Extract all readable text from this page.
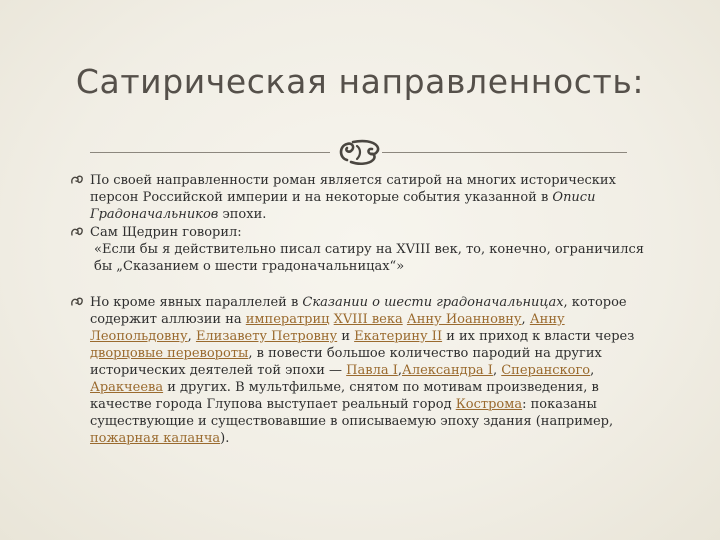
Сатирическая направленность:

По своей направленности роман является сатирой на многих исторических персон Российской империи и на некоторые события указанной в Описи Градоначальников эпохи.

Сам Щедрин говорил:

«Если бы я действительно писал сатиру на XVIII век, то, конечно, ограничился бы „Сказанием о шести градоначальницах“»

Но кроме явных параллелей в Сказании о шести градоначальницах, которое содержит аллюзии на императриц XVIII века Анну Иоанновну, Анну Леопольдовну, Елизавету Петровну и Екатерину II и их приход к власти через дворцовые перевороты, в повести большое количество пародий на других исторических деятелей той эпохи — Павла I,Александра I, Сперанского, Аракчеева и других. В мультфильме, снятом по мотивам произведения, в качестве города Глупова выступает реальный город Кострома: показаны существующие и существовавшие в описываемую эпоху здания (например, пожарная каланча).
